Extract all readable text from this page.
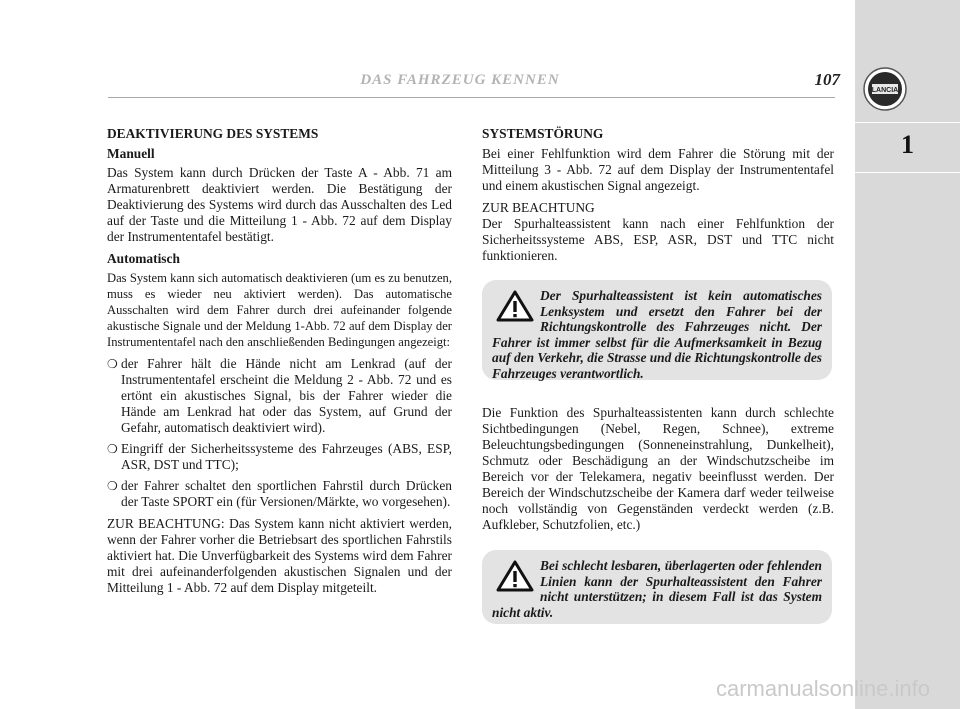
DAS FAHRZEUG KENNEN	107
LANCIA
1

DEAKTIVIERUNG DES SYSTEMS

Manuell

Das System kann durch Drücken der Taste A - Abb. 71 am Armaturenbrett deaktiviert werden. Die Bestätigung der Deaktivierung des Systems wird durch das Ausschalten des Led auf der Taste und die Mitteilung 1 - Abb. 72 auf dem Display der Instrumententafel bestätigt.

Automatisch

Das System kann sich automatisch deaktivieren (um es zu benutzen, muss es wieder neu aktiviert werden). Das automatische Ausschalten wird dem Fahrer durch drei aufeinander folgende akustische Signale und der Meldung 1-Abb. 72 auf dem Display der Instrumententafel nach den anschließenden Bedingungen angezeigt:

❍ der Fahrer hält die Hände nicht am Lenkrad (auf der Instrumententafel erscheint die Meldung 2 - Abb. 72 und es ertönt ein akustisches Signal, bis der Fahrer wieder die Hände am Lenkrad hat oder das System, auf Grund der Gefahr, automatisch deaktiviert wird).
❍ Eingriff der Sicherheitssysteme des Fahrzeuges (ABS, ESP, ASR, DST und TTC);
❍ der Fahrer schaltet den sportlichen Fahrstil durch Drücken der Taste SPORT ein (für Versionen/Märkte, wo vorgesehen).

ZUR BEACHTUNG: Das System kann nicht aktiviert werden, wenn der Fahrer vorher die Betriebsart des sportlichen Fahrstils aktiviert hat. Die Unverfügbarkeit des Systems wird dem Fahrer mit drei aufeinanderfolgenden akustischen Signalen und der Mitteilung 1 - Abb. 72 auf dem Display mitgeteilt.

SYSTEMSTÖRUNG

Bei einer Fehlfunktion wird dem Fahrer die Störung mit der Mitteilung 3 - Abb. 72 auf dem Display der Instrumententafel und einem akustischen Signal angezeigt.

ZUR BEACHTUNG

Der Spurhalteassistent kann nach einer Fehlfunktion der Sicherheitssysteme ABS, ESP, ASR, DST und TTC nicht funktionieren.

Der Spurhalteassistent ist kein automatisches Lenksystem und ersetzt den Fahrer bei der Richtungskontrolle des Fahrzeuges nicht. Der Fahrer ist immer selbst für die Aufmerksamkeit in Bezug auf den Verkehr, die Strasse und die Richtungskontrolle des Fahrzeuges verantwortlich.

Die Funktion des Spurhalteassistenten kann durch schlechte Sichtbedingungen (Nebel, Regen, Schnee), extreme Beleuchtungsbedingungen (Sonneneinstrahlung, Dunkelheit), Schmutz oder Beschädigung an der Windschutzscheibe im Bereich vor der Telekamera, negativ beeinflusst werden. Der Bereich der Windschutzscheibe der Kamera darf weder teilweise noch vollständig von Gegenständen verdeckt werden (z.B. Aufkleber, Schutzfolien, etc.)

Bei schlecht lesbaren, überlagerten oder fehlenden Linien kann der Spurhalteassistent den Fahrer nicht unterstützen; in diesem Fall ist das System nicht aktiv.
carmanualsonline.info
